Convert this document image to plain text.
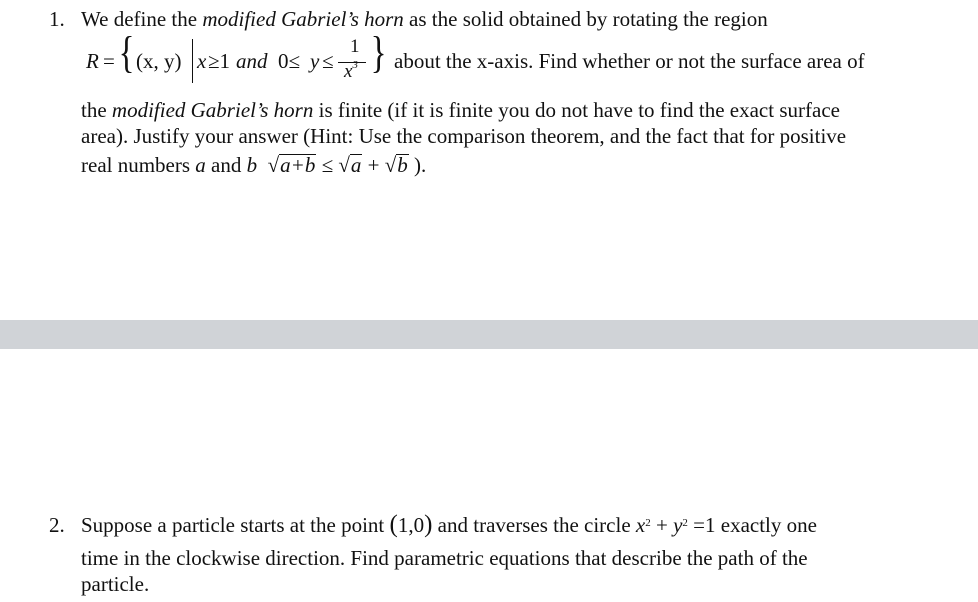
1. We define the modified Gabriel’s horn as the solid obtained by rotating the region
R = { (x, y) x ≥1 and 0≤ y ≤
1
$x^3$ } about the x-axis. Find whether or not the surface area of
the modified Gabriel’s horn is finite (if it is finite you do not have to find the exact surface
area). Justify your answer (Hint: Use the comparison theorem, and the fact that for positive
real numbers a and b √a+b ≤ √a + √b ).
2. Suppose a particle starts at the point (1,0) and traverses the circle $x^2 + y^2 =1$ exactly one
time in the clockwise direction. Find parametric equations that describe the path of the
particle.
